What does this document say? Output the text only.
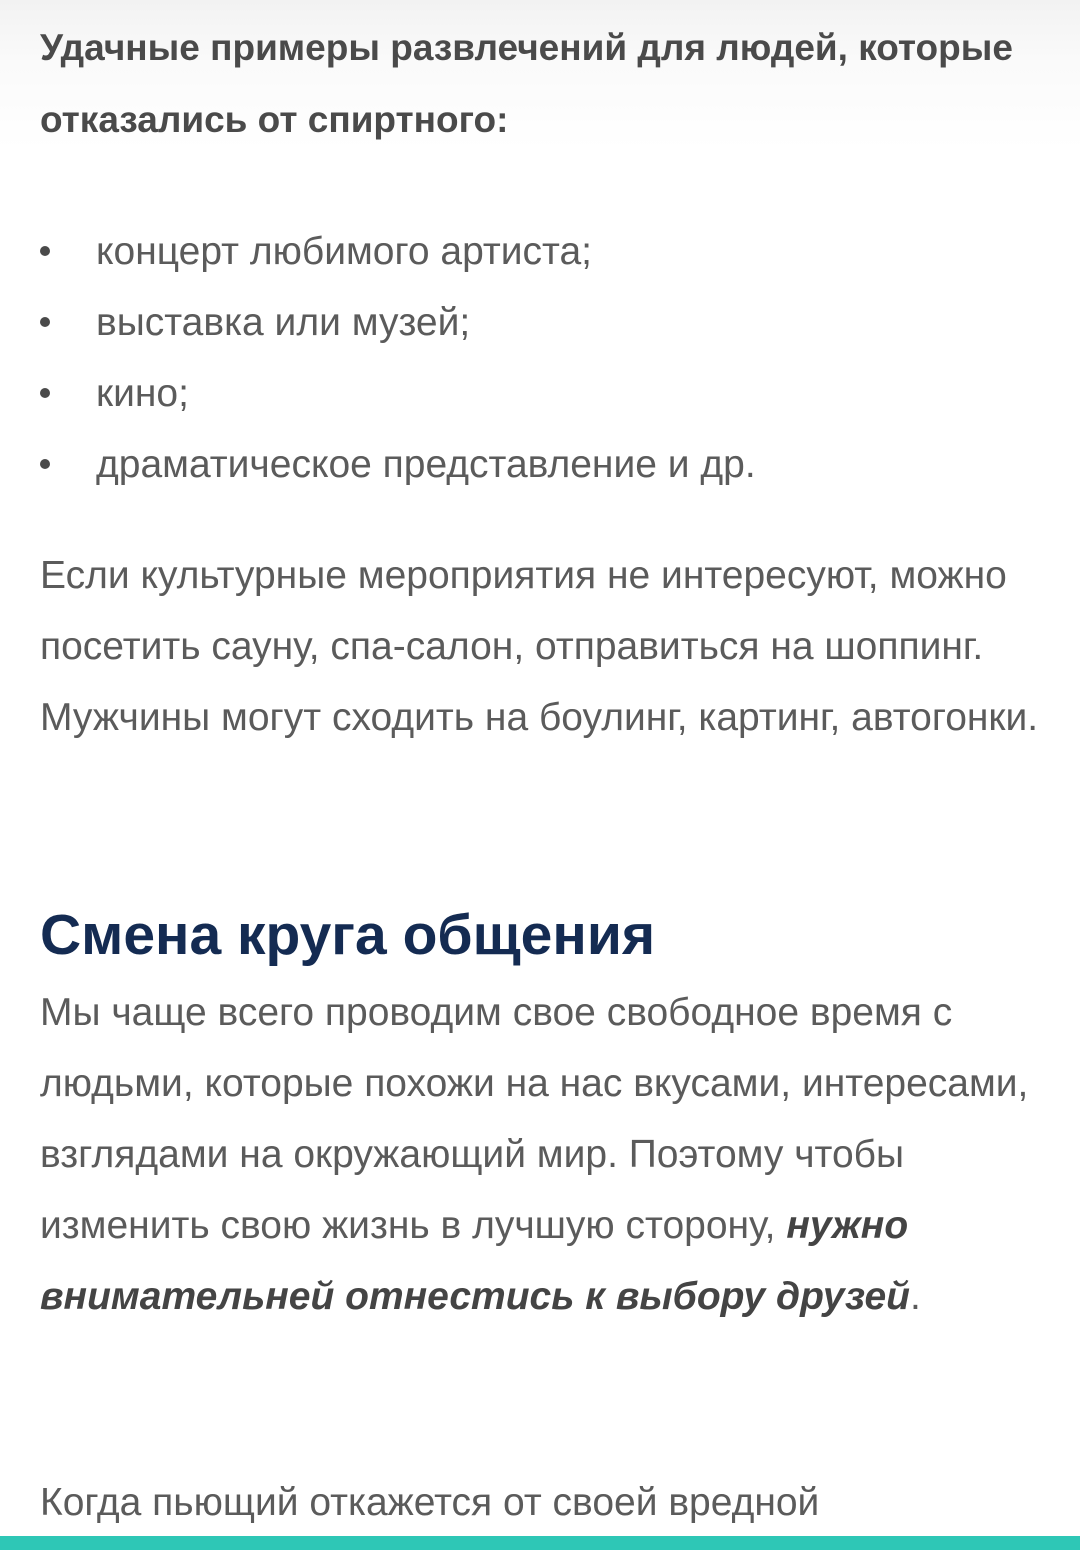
Удачные примеры развлечений для людей, которые отказались от спиртного:

концерт любимого артиста;
выставка или музей;
кино;
драматическое представление и др.

Если культурные мероприятия не интересуют, можно посетить сауну, спа-салон, отправиться на шоппинг. Мужчины могут сходить на боулинг, картинг, автогонки.

Смена круга общения

Мы чаще всего проводим свое свободное время с людьми, которые похожи на нас вкусами, интересами, взглядами на окружающий мир. Поэтому чтобы изменить свою жизнь в лучшую сторону, нужно внимательней отнестись к выбору друзей.

Когда пьющий откажется от своей вредной
